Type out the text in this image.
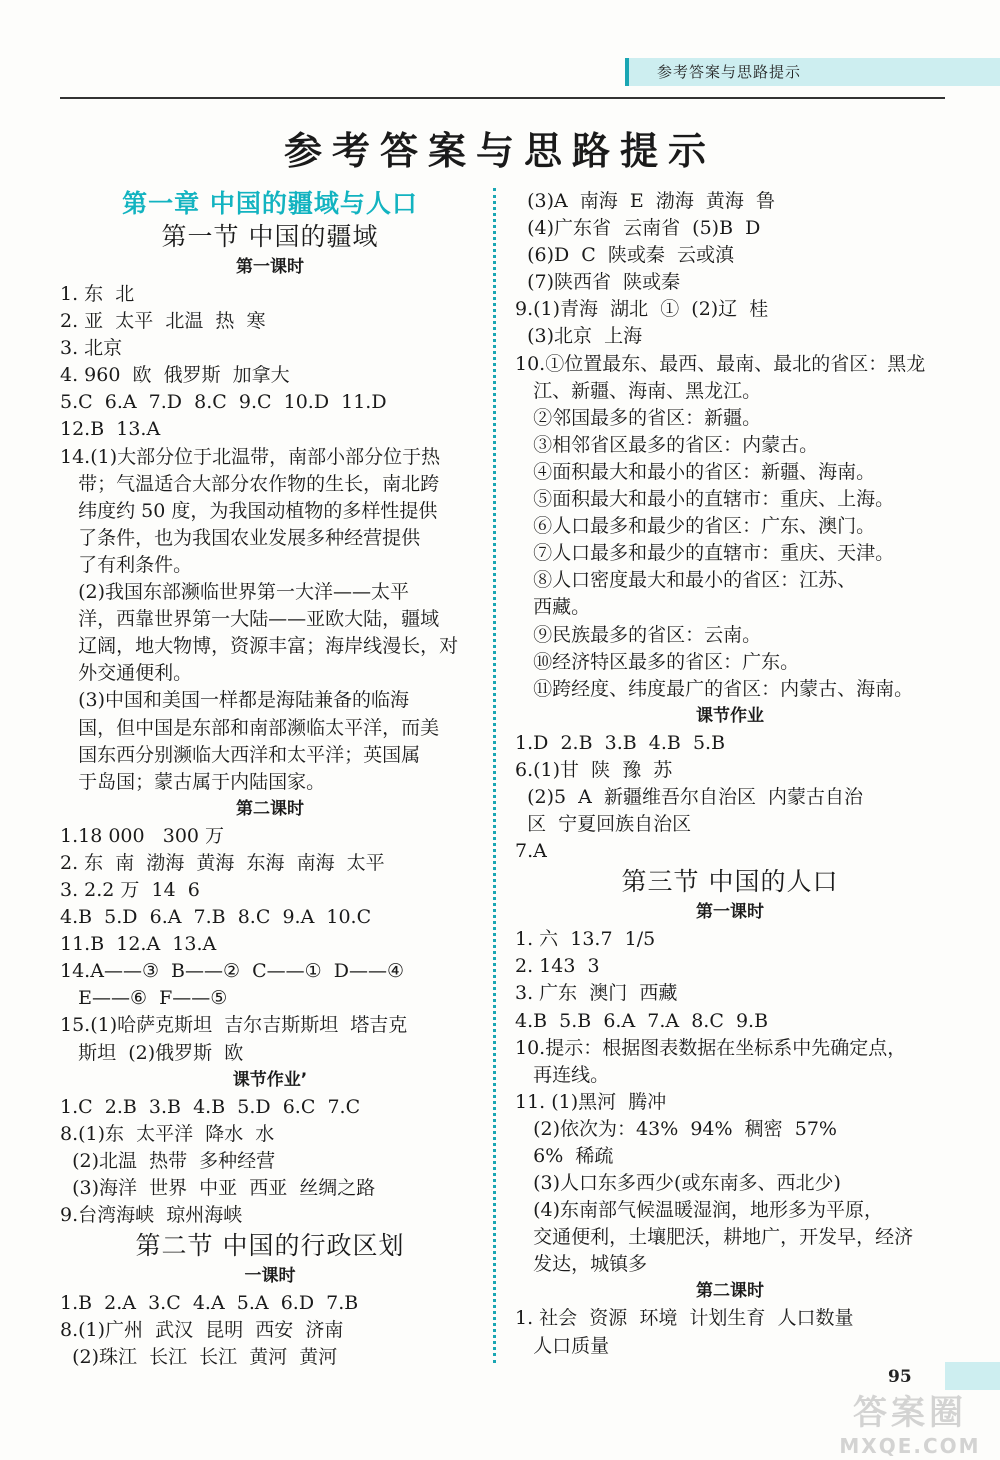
参考答案与思路提示
参考答案与思路提示
第一章 中国的疆域与人口
第一节 中国的疆域
第一课时
1. 东  北
2. 亚  太平  北温  热  寒
3. 北京
4. 960  欧  俄罗斯  加拿大
5.C  6.A  7.D  8.C  9.C  10.D  11.D
12.B  13.A
14.(1)大部分位于北温带，南部小部分位于热
带；气温适合大部分农作物的生长，南北跨
纬度约 50 度，为我国动植物的多样性提供
了条件，也为我国农业发展多种经营提供
了有利条件。
(2)我国东部濒临世界第一大洋——太平
洋，西靠世界第一大陆——亚欧大陆，疆域
辽阔，地大物博，资源丰富；海岸线漫长，对
外交通便利。
(3)中国和美国一样都是海陆兼备的临海
国，但中国是东部和南部濒临太平洋，而美
国东西分别濒临大西洋和太平洋；英国属
于岛国；蒙古属于内陆国家。
第二课时
1.18 000   300 万
2. 东  南  渤海  黄海  东海  南海  太平
3. 2.2 万  14  6
4.B  5.D  6.A  7.B  8.C  9.A  10.C
11.B  12.A  13.A
14.A——③  B——②  C——①  D——④
E——⑥  F——⑤
15.(1)哈萨克斯坦  吉尔吉斯斯坦  塔吉克
斯坦  (2)俄罗斯  欧
课节作业’
1.C  2.B  3.B  4.B  5.D  6.C  7.C
8.(1)东  太平洋  降水  水
(2)北温  热带  多种经营
(3)海洋  世界  中亚  西亚  丝绸之路
9.台湾海峡  琼州海峡
第二节 中国的行政区划
一课时
1.B  2.A  3.C  4.A  5.A  6.D  7.B
8.(1)广州  武汉  昆明  西安  济南
(2)珠江  长江  长江  黄河  黄河
(3)A  南海  E  渤海  黄海  鲁
(4)广东省  云南省  (5)B  D
(6)D  C  陕或秦  云或滇
(7)陕西省  陕或秦
9.(1)青海  湖北  ①  (2)辽  桂
(3)北京  上海
10.①位置最东、最西、最南、最北的省区：黑龙
江、新疆、海南、黑龙江。
②邻国最多的省区：新疆。
③相邻省区最多的省区：内蒙古。
④面积最大和最小的省区：新疆、海南。
⑤面积最大和最小的直辖市：重庆、上海。
⑥人口最多和最少的省区：广东、澳门。
⑦人口最多和最少的直辖市：重庆、天津。
⑧人口密度最大和最小的省区：江苏、
西藏。
⑨民族最多的省区：云南。
⑩经济特区最多的省区：广东。
⑪跨经度、纬度最广的省区：内蒙古、海南。
课节作业
1.D  2.B  3.B  4.B  5.B
6.(1)甘  陕  豫  苏
(2)5  A  新疆维吾尔自治区  内蒙古自治
区  宁夏回族自治区
7.A
第三节 中国的人口
第一课时
1. 六  13.7  1/5
2. 143  3
3. 广东  澳门  西藏
4.B  5.B  6.A  7.A  8.C  9.B
10.提示：根据图表数据在坐标系中先确定点，
再连线。
11. (1)黑河  腾冲
(2)依次为：43%  94%  稠密  57%
6%  稀疏
(3)人口东多西少(或东南多、西北少)
(4)东南部气候温暖湿润，地形多为平原，
交通便利，土壤肥沃，耕地广，开发早，经济
发达，城镇多
第二课时
1. 社会  资源  环境  计划生育  人口数量
人口质量
95
答案圈
MXQE.COM
